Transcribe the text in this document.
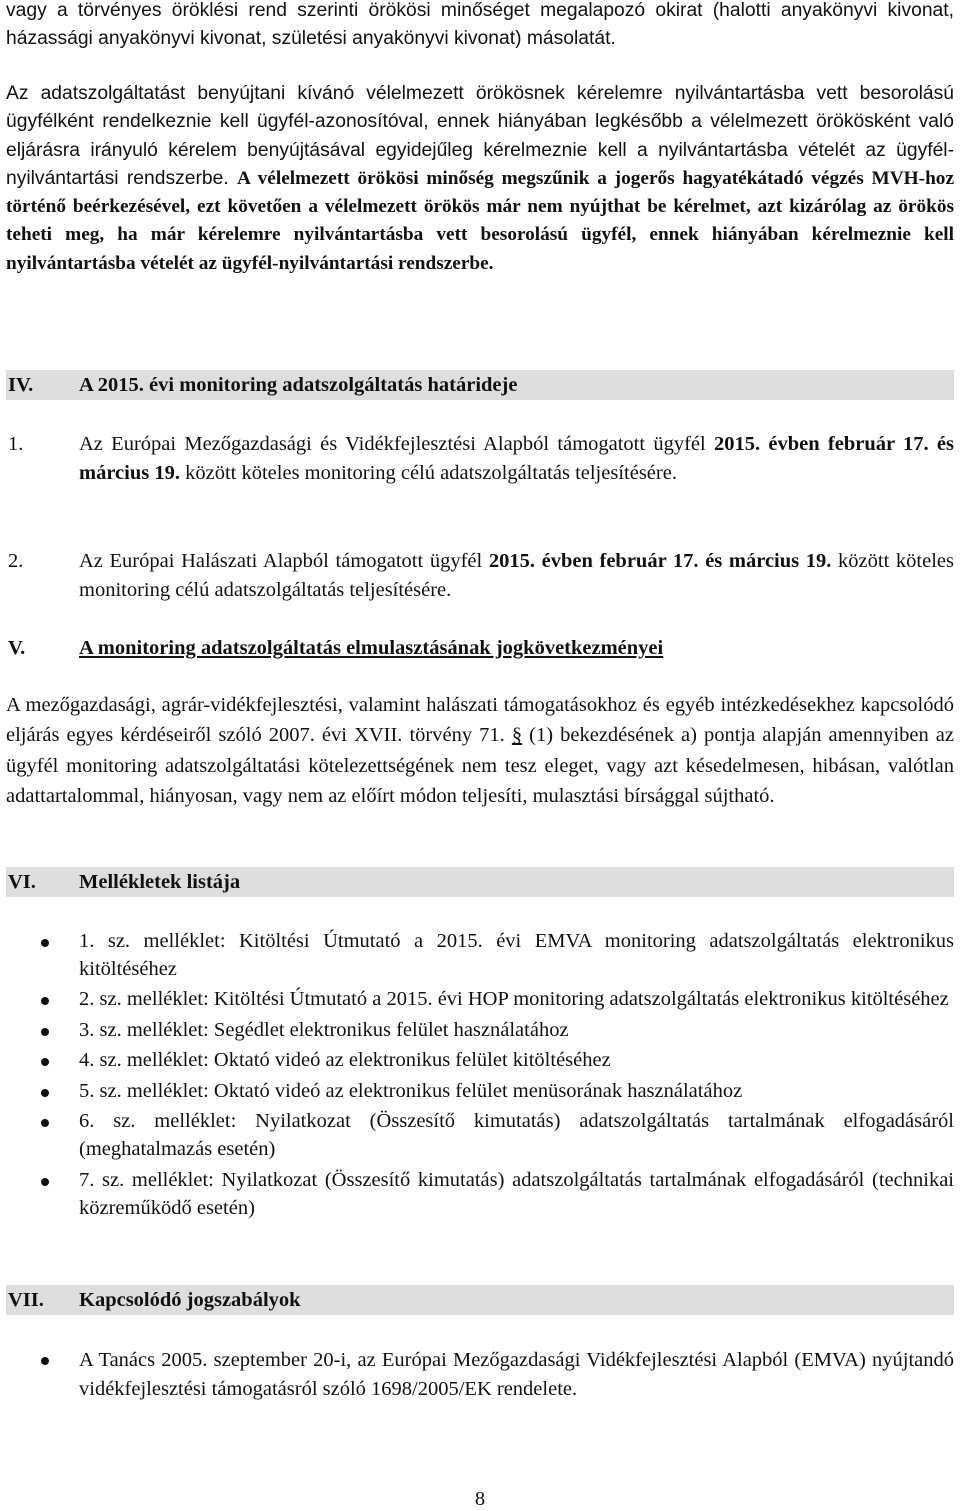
vagy a törvényes öröklési rend szerinti örökösi minőséget megalapozó okirat (halotti anyakönyvi kivonat, házassági anyakönyvi kivonat, születési anyakönyvi kivonat) másolatát.

Az adatszolgáltatást benyújtani kívánó vélelmezett örökösnek kérelemre nyilvántartásba vett besorolású ügyfélként rendelkeznie kell ügyfél-azonosítóval, ennek hiányában legkésőbb a vélelmezett örökösként való eljárásra irányuló kérelem benyújtásával egyidejűleg kérelmeznie kell a nyilvántartásba vételét az ügyfél-nyilvántartási rendszerbe. A vélelmezett örökösi minőség megszűnik a jogerős hagyatékátadó végzés MVH-hoz történő beérkezésével, ezt követően a vélelmezett örökös már nem nyújthat be kérelmet, azt kizárólag az örökös teheti meg, ha már kérelemre nyilvántartásba vett besorolású ügyfél, ennek hiányában kérelmeznie kell nyilvántartásba vételét az ügyfél-nyilvántartási rendszerbe.

IV. A 2015. évi monitoring adatszolgáltatás határideje
1.	Az Európai Mezőgazdasági és Vidékfejlesztési Alapból támogatott ügyfél 2015. évben február 17. és március 19. között köteles monitoring célú adatszolgáltatás teljesítésére.

2.	Az Európai Halászati Alapból támogatott ügyfél 2015. évben február 17. és március 19. között köteles monitoring célú adatszolgáltatás teljesítésére.

V.	A monitoring adatszolgáltatás elmulasztásának jogkövetkezményei

A mezőgazdasági, agrár-vidékfejlesztési, valamint halászati támogatásokhoz és egyéb intézkedésekhez kapcsolódó eljárás egyes kérdéseiről szóló 2007. évi XVII. törvény 71. § (1) bekezdésének a) pontja alapján amennyiben az ügyfél monitoring adatszolgáltatási kötelezettségének nem tesz eleget, vagy azt késedelmesen, hibásan, valótlan adattartalommal, hiányosan, vagy nem az előírt módon teljesíti, mulasztási bírsággal sújtható.

VI. Mellékletek listája
1. sz. melléklet: Kitöltési Útmutató a 2015. évi EMVA monitoring adatszolgáltatás elektronikus kitöltéséhez
2. sz. melléklet: Kitöltési Útmutató a 2015. évi HOP monitoring adatszolgáltatás elektronikus kitöltéséhez
3. sz. melléklet: Segédlet elektronikus felület használatához
4. sz. melléklet: Oktató videó az elektronikus felület kitöltéséhez
5. sz. melléklet: Oktató videó az elektronikus felület menüsorának használatához
6. sz. melléklet: Nyilatkozat (Összesítő kimutatás) adatszolgáltatás tartalmának elfogadásáról (meghatalmazás esetén)
7. sz. melléklet: Nyilatkozat (Összesítő kimutatás) adatszolgáltatás tartalmának elfogadásáról (technikai közreműködő esetén)
VII. Kapcsolódó jogszabályok
A Tanács 2005. szeptember 20-i, az Európai Mezőgazdasági Vidékfejlesztési Alapból (EMVA) nyújtandó vidékfejlesztési támogatásról szóló 1698/2005/EK rendelete.
8
